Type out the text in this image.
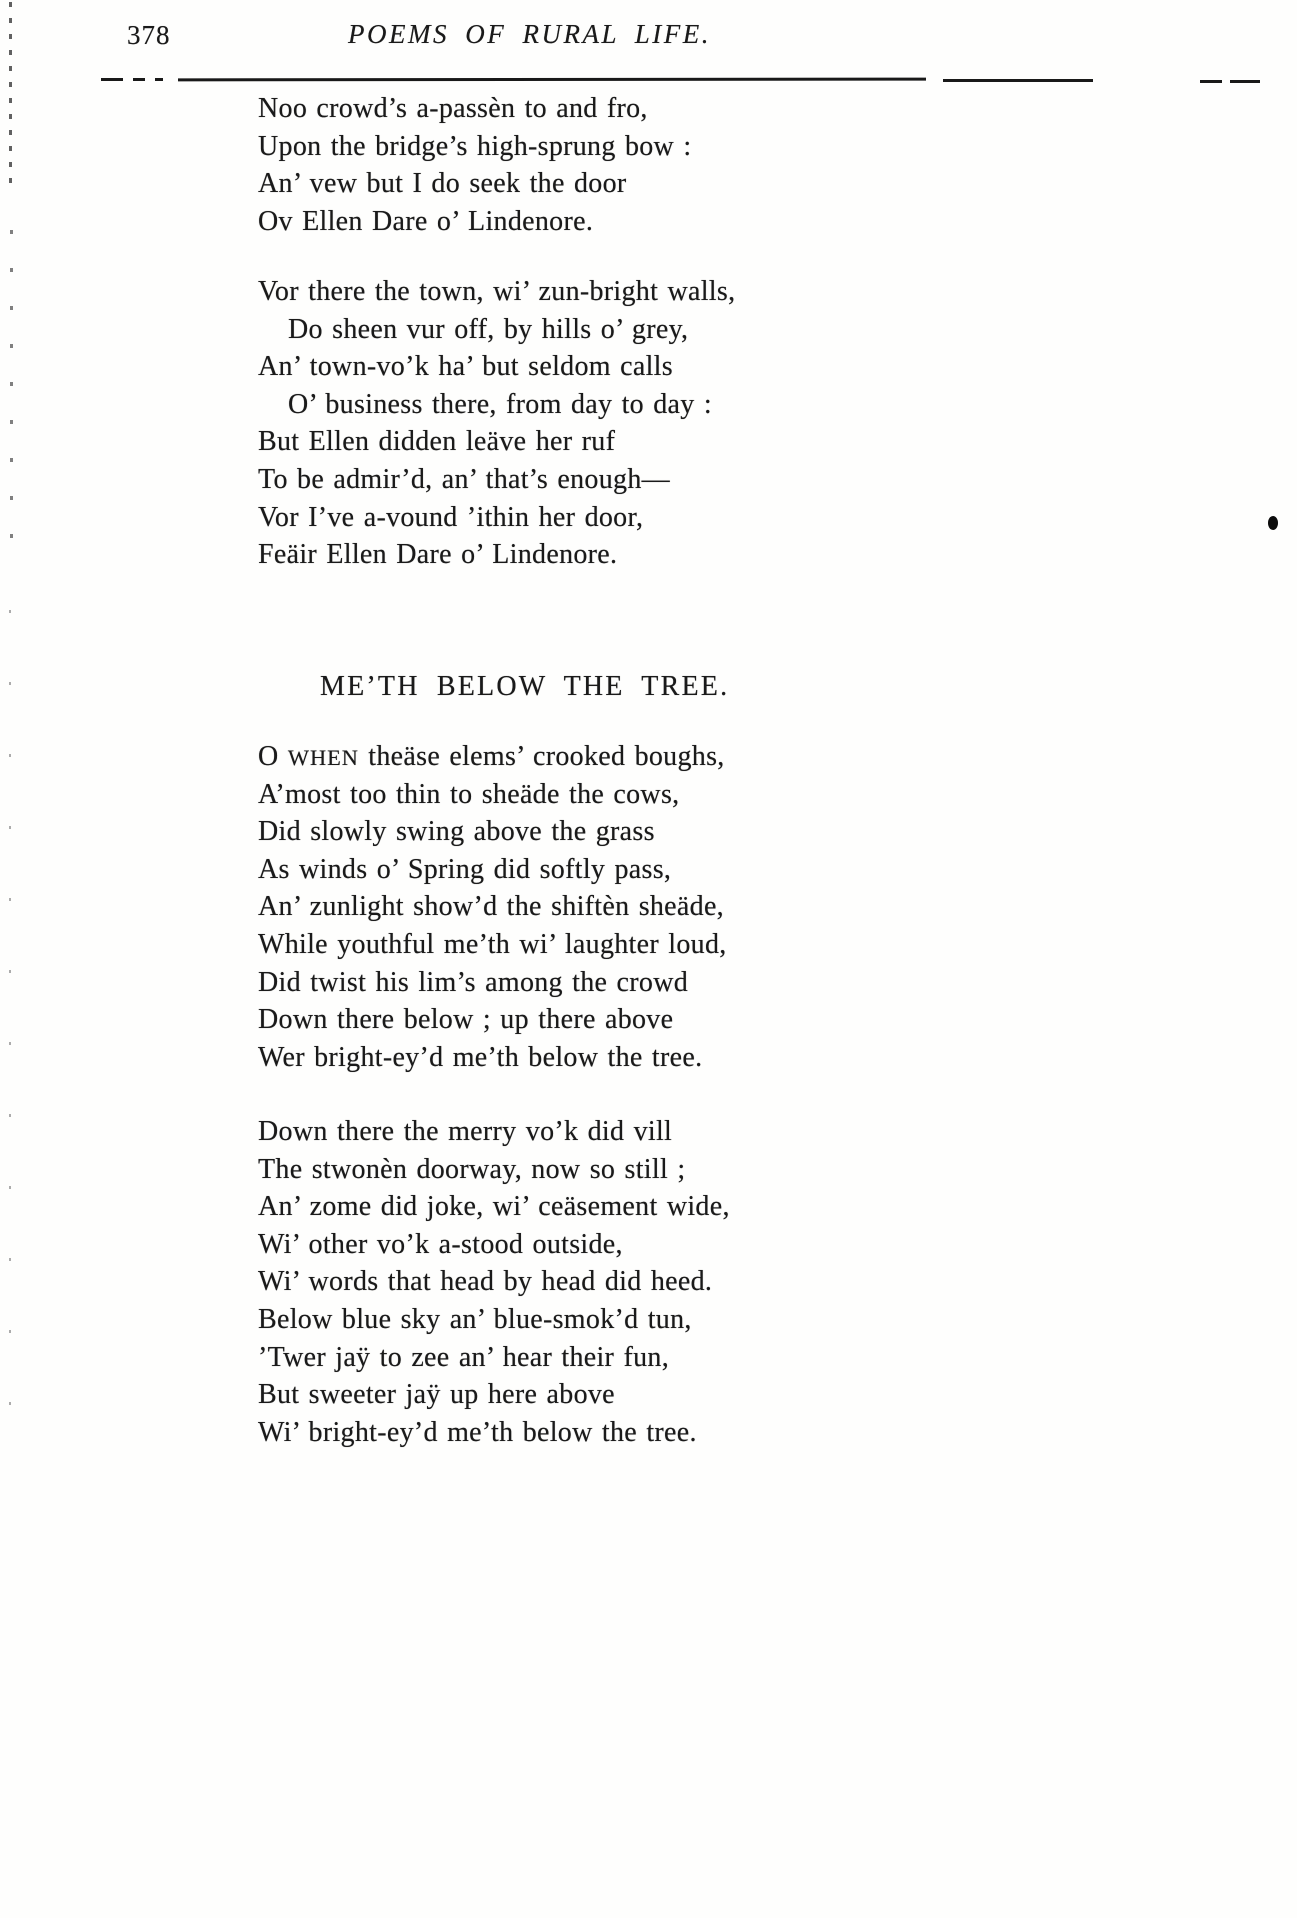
378	POEMS OF RURAL LIFE.
Noo crowd’s a-passèn to and fro,
Upon the bridge’s high-sprung bow :
An’ vew but I do seek the door
Ov Ellen Dare o’ Lindenore.
Vor there the town, wi’ zun-bright walls,
Do sheen vur off, by hills o’ grey,
An’ town-vo’k ha’ but seldom calls
O’ business there, from day to day :
But Ellen didden leäve her ruf
To be admir’d, an’ that’s enough—
Vor I’ve a-vound ’ithin her door,
Feäir Ellen Dare o’ Lindenore.
ME’TH BELOW THE TREE.
O WHEN theäse elems’ crooked boughs,
A’most too thin to sheäde the cows,
Did slowly swing above the grass
As winds o’ Spring did softly pass,
An’ zunlight show’d the shiftèn sheäde,
While youthful me’th wi’ laughter loud,
Did twist his lim’s among the crowd
Down there below ; up there above
Wer bright-ey’d me’th below the tree.
Down there the merry vo’k did vill
The stwonèn doorway, now so still ;
An’ zome did joke, wi’ ceäsement wide,
Wi’ other vo’k a-stood outside,
Wi’ words that head by head did heed.
Below blue sky an’ blue-smok’d tun,
’Twer jaÿ to zee an’ hear their fun,
But sweeter jaÿ up here above
Wi’ bright-ey’d me’th below the tree.
